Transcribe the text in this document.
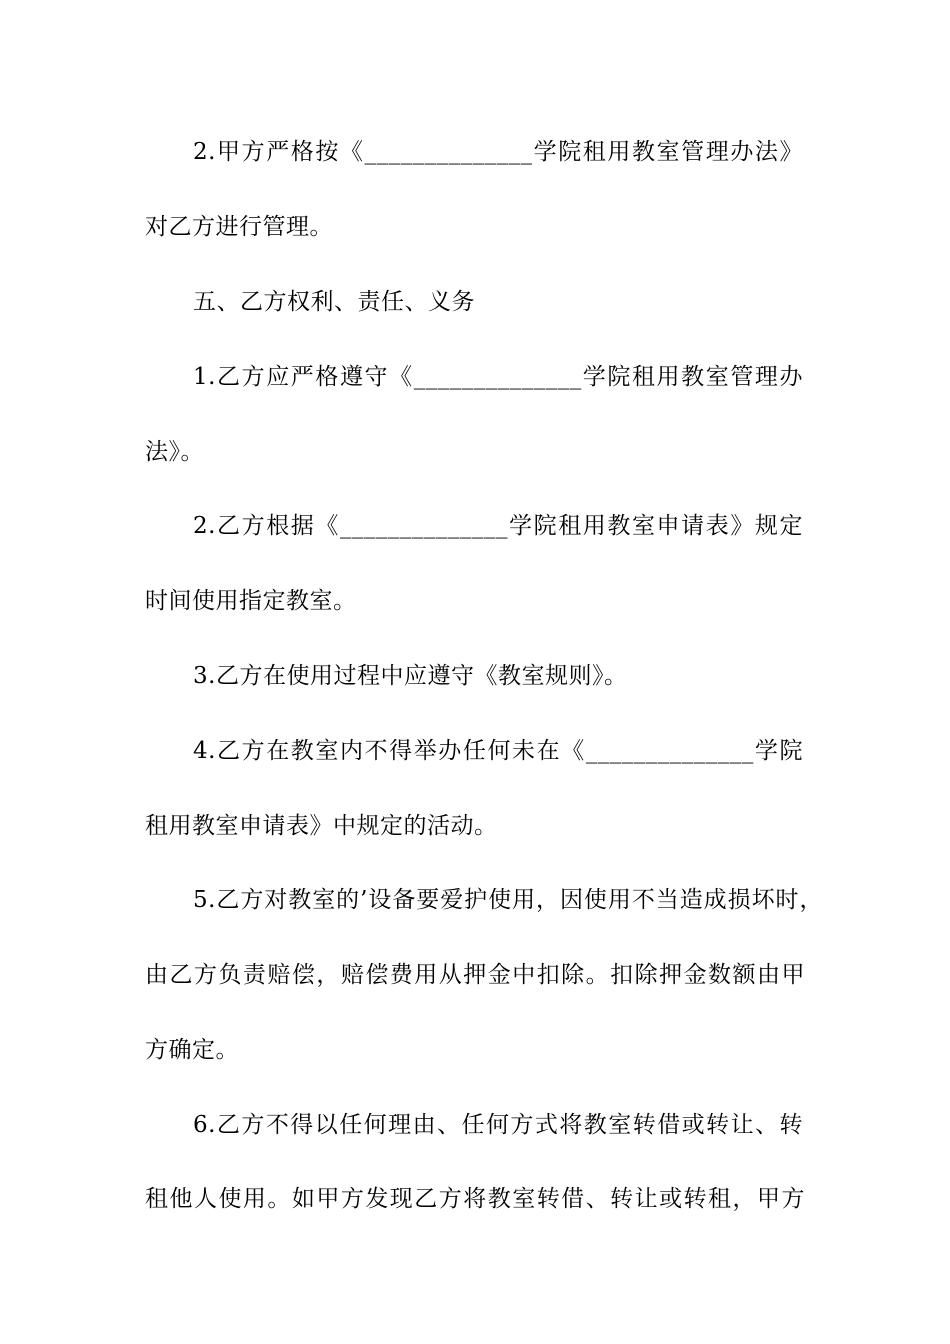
2.甲方严格按《______________学院租用教室管理办法》
对乙方进行管理。
五、乙方权利、责任、义务
1.乙方应严格遵守《______________学院租用教室管理办
法》。
2.乙方根据《______________学院租用教室申请表》规定
时间使用指定教室。
3.乙方在使用过程中应遵守《教室规则》。
4.乙方在教室内不得举办任何未在《______________学院
租用教室申请表》中规定的活动。
5.乙方对教室的’设备要爱护使用，因使用不当造成损坏时，
由乙方负责赔偿，赔偿费用从押金中扣除。扣除押金数额由甲
方确定。
6.乙方不得以任何理由、任何方式将教室转借或转让、转
租他人使用。如甲方发现乙方将教室转借、转让或转租，甲方
